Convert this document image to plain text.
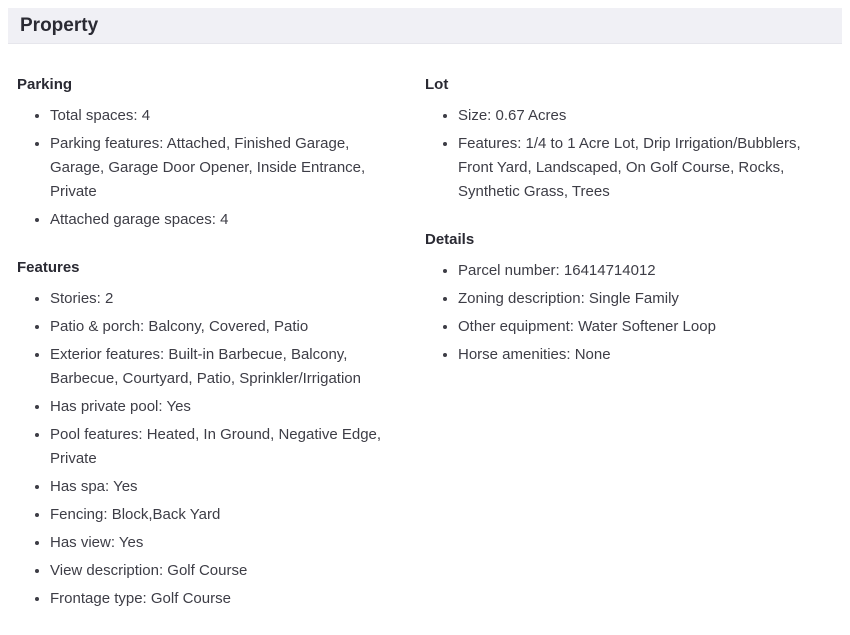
Property
Parking
• Total spaces: 4
• Parking features: Attached, Finished Garage, Garage, Garage Door Opener, Inside Entrance, Private
• Attached garage spaces: 4
Features
• Stories: 2
• Patio & porch: Balcony, Covered, Patio
• Exterior features: Built-in Barbecue, Balcony, Barbecue, Courtyard, Patio, Sprinkler/Irrigation
• Has private pool: Yes
• Pool features: Heated, In Ground, Negative Edge, Private
• Has spa: Yes
• Fencing: Block,Back Yard
• Has view: Yes
• View description: Golf Course
• Frontage type: Golf Course
Lot
• Size: 0.67 Acres
• Features: 1/4 to 1 Acre Lot, Drip Irrigation/Bubblers, Front Yard, Landscaped, On Golf Course, Rocks, Synthetic Grass, Trees
Details
• Parcel number: 16414714012
• Zoning description: Single Family
• Other equipment: Water Softener Loop
• Horse amenities: None
